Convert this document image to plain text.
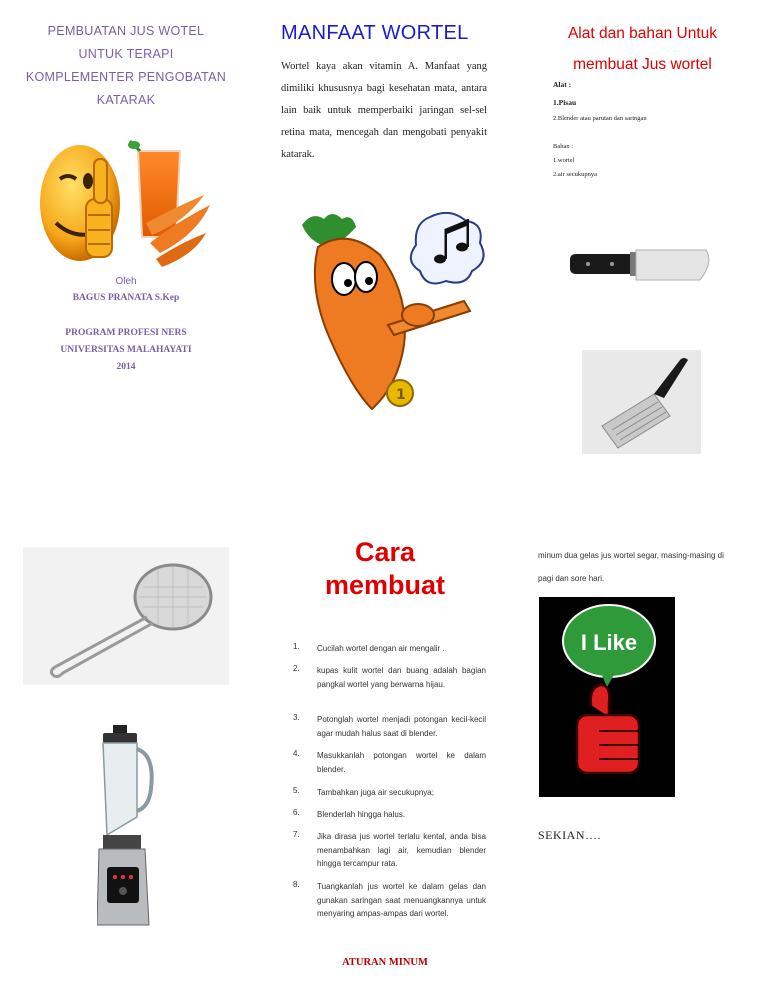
PEMBUATAN JUS WOTEL
UNTUK TERAPI
KOMPLEMENTER PENGOBATAN
KATARAK
Oleh
BAGUS PRANATA S.Kep
PROGRAM PROFESI NERS
UNIVERSITAS MALAHAYATI
2014
MANFAAT WORTEL
Wortel kaya akan vitamin A. Manfaat yang dimiliki khususnya bagi kesehatan mata, antara lain baik untuk memperbaiki jaringan sel-sel retina mata, mencegah dan mengobati penyakit katarak.
1
Alat dan bahan Untuk
membuat Jus wortel
Alat :
1.Pisau
2.Blender atau parutan dan saringan
Bahan :
1.wortel
2.air secukupnya
Cara
membuat
1.	Cucilah wortel dengan air mengalir .
2.	kupas kulit wortel dan buang adalah bagian pangkal wortel yang berwarna hijau.
3.	Potonglah wortel menjadi potongan kecil-kecil agar mudah halus saat di blender.
4.	Masukkanlah potongan wortel ke dalam blender.
5.	Tambahkan juga air secukupnya;
6.	Blenderlah hingga halus.
7.	Jika dirasa jus wortel terlalu kental, anda bisa menambahkan lagi air, kemudian blender hingga tercampur rata.
8.	Tuangkanlah jus wortel ke dalam gelas dan gunakan saringan saat menuangkannya untuk menyaring ampas-ampas dari wortel.
ATURAN MINUM
minum dua gelas jus wortel segar, masing-masing di pagi dan sore hari.
I Like
SEKIAN….
